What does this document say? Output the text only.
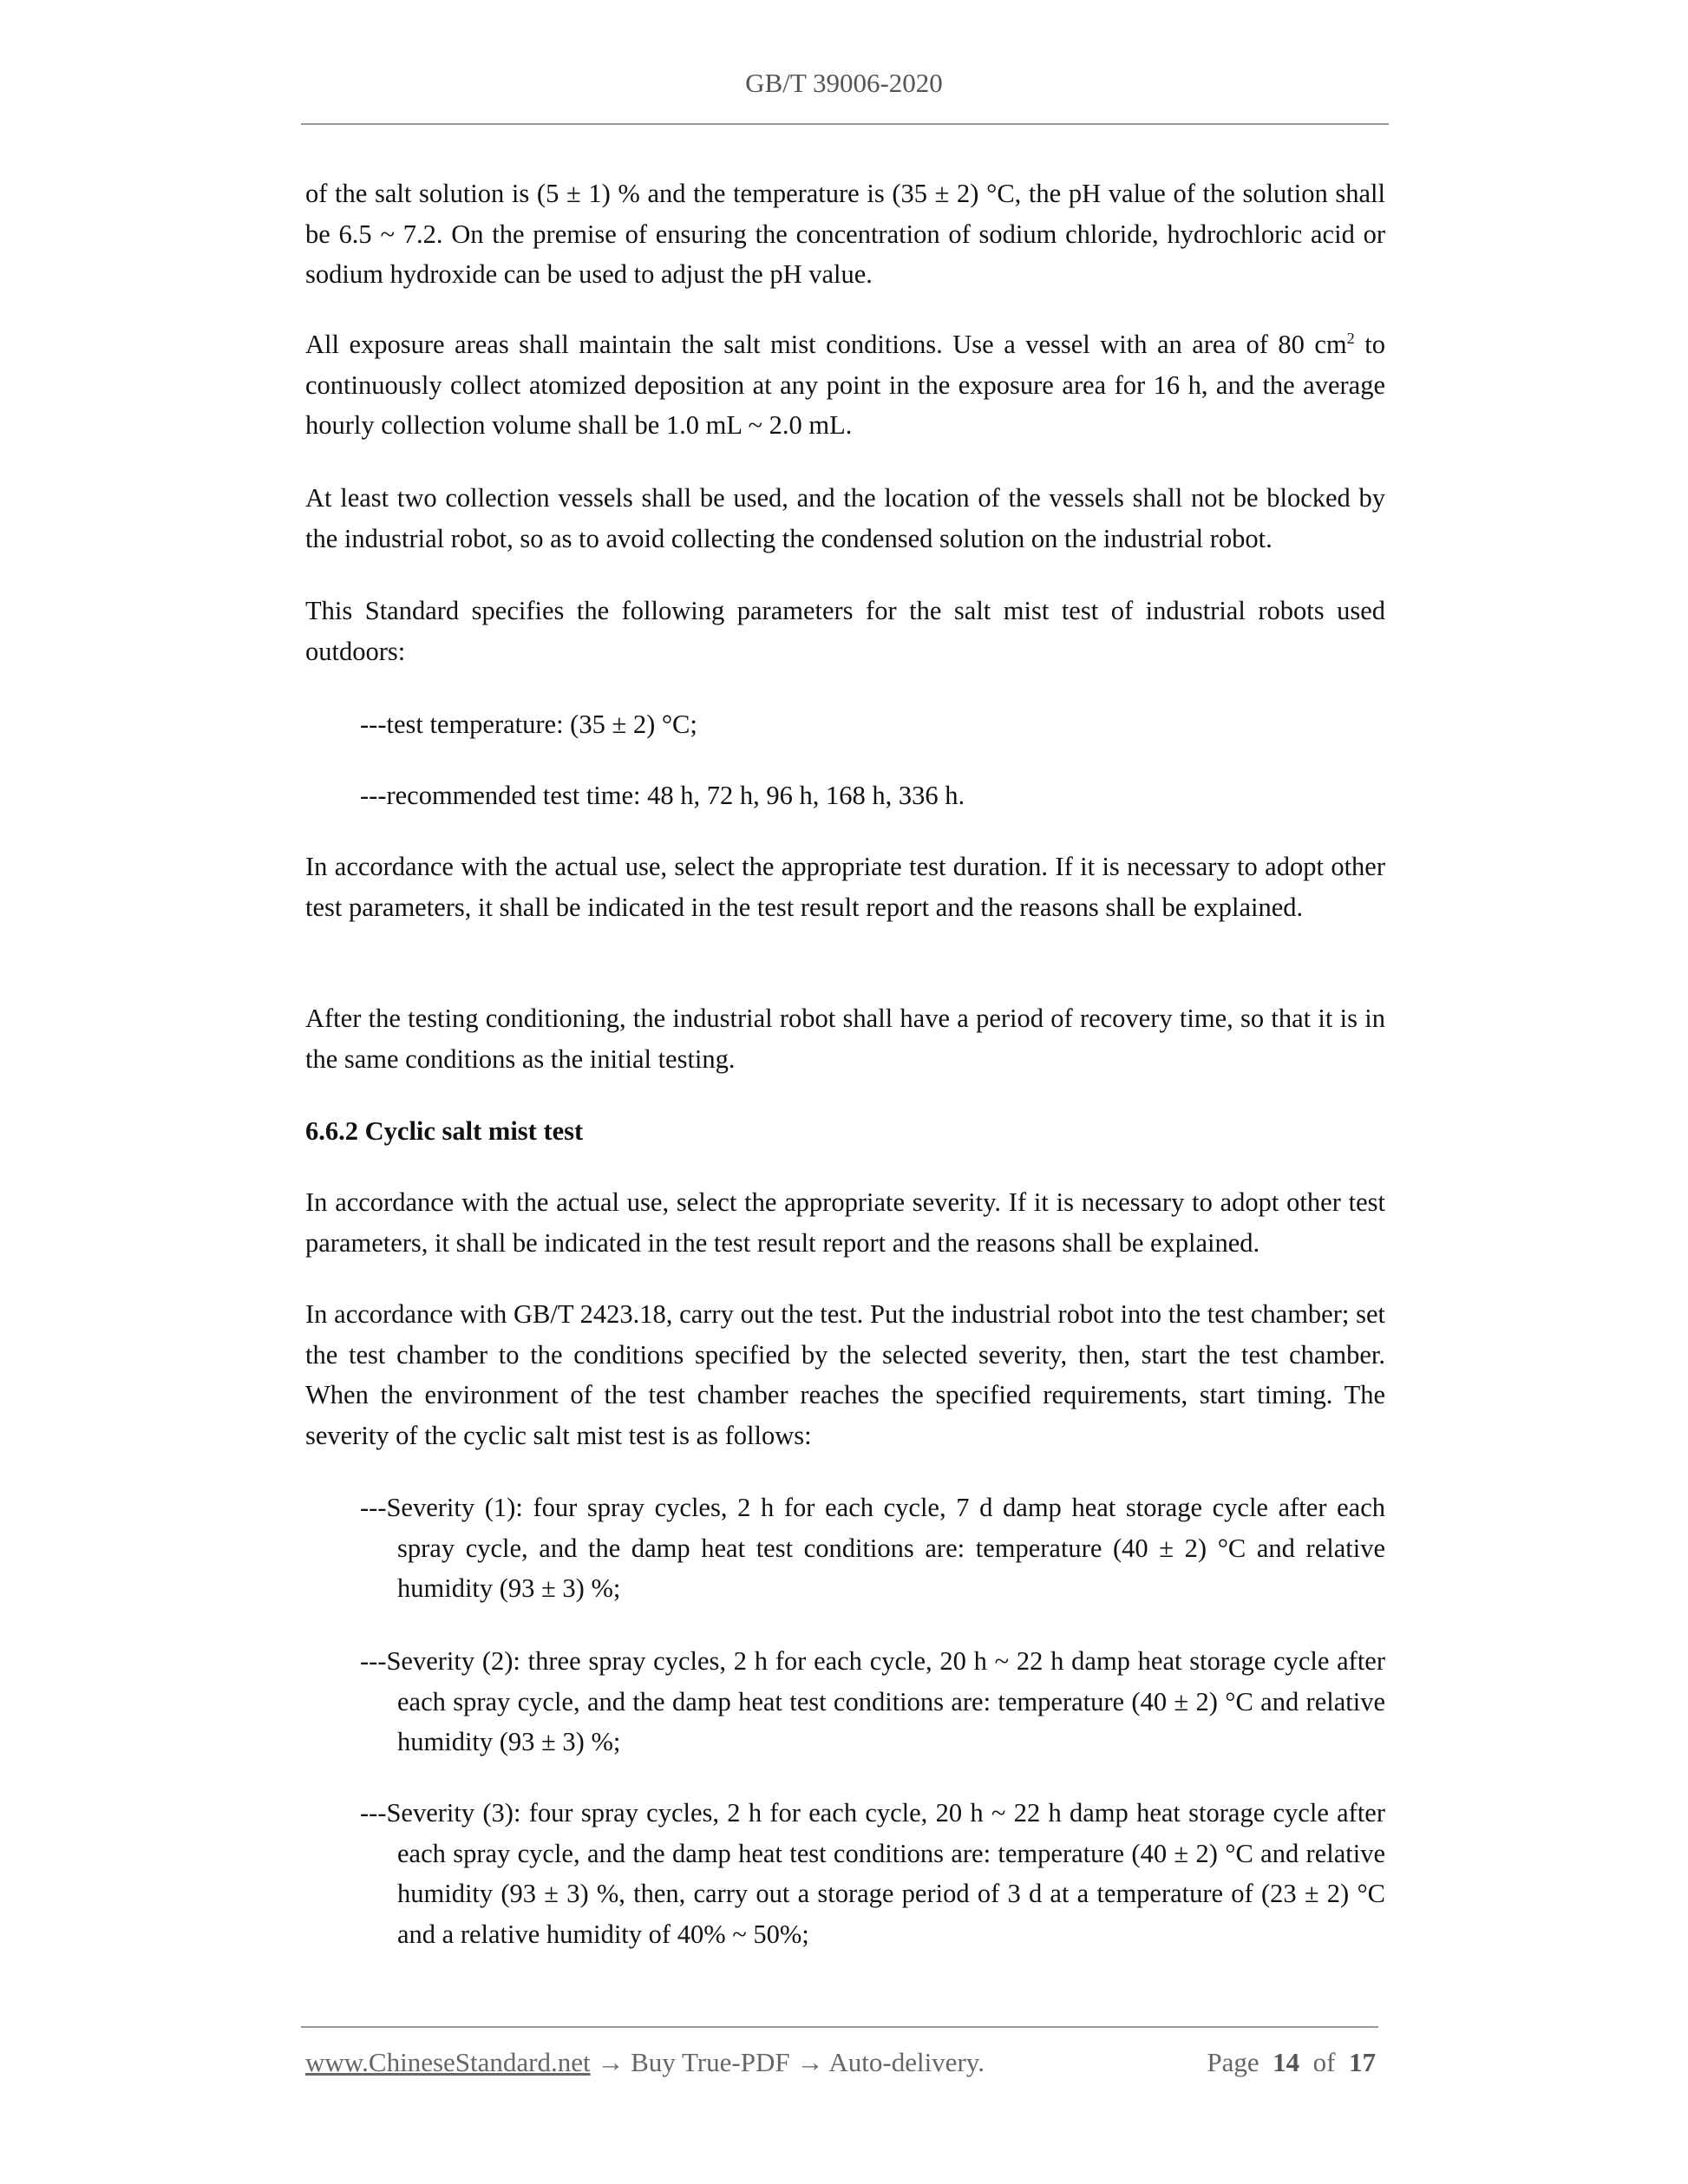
GB/T 39006-2020

of the salt solution is (5 ± 1) % and the temperature is (35 ± 2) °C, the pH value of the solution shall be 6.5 ~ 7.2. On the premise of ensuring the concentration of sodium chloride, hydrochloric acid or sodium hydroxide can be used to adjust the pH value.

All exposure areas shall maintain the salt mist conditions. Use a vessel with an area of 80 $cm^2$ to continuously collect atomized deposition at any point in the exposure area for 16 h, and the average hourly collection volume shall be 1.0 mL ~ 2.0 mL.

At least two collection vessels shall be used, and the location of the vessels shall not be blocked by the industrial robot, so as to avoid collecting the condensed solution on the industrial robot.

This Standard specifies the following parameters for the salt mist test of industrial robots used outdoors:

---test temperature: (35 ± 2) °C;

---recommended test time: 48 h, 72 h, 96 h, 168 h, 336 h.

In accordance with the actual use, select the appropriate test duration. If it is necessary to adopt other test parameters, it shall be indicated in the test result report and the reasons shall be explained.

After the testing conditioning, the industrial robot shall have a period of recovery time, so that it is in the same conditions as the initial testing.

6.6.2 Cyclic salt mist test

In accordance with the actual use, select the appropriate severity. If it is necessary to adopt other test parameters, it shall be indicated in the test result report and the reasons shall be explained.

In accordance with GB/T 2423.18, carry out the test. Put the industrial robot into the test chamber; set the test chamber to the conditions specified by the selected severity, then, start the test chamber. When the environment of the test chamber reaches the specified requirements, start timing. The severity of the cyclic salt mist test is as follows:

---Severity (1): four spray cycles, 2 h for each cycle, 7 d damp heat storage cycle after each spray cycle, and the damp heat test conditions are: temperature (40 ± 2) °C and relative humidity (93 ± 3) %;

---Severity (2): three spray cycles, 2 h for each cycle, 20 h ~ 22 h damp heat storage cycle after each spray cycle, and the damp heat test conditions are: temperature (40 ± 2) °C and relative humidity (93 ± 3) %;

---Severity (3): four spray cycles, 2 h for each cycle, 20 h ~ 22 h damp heat storage cycle after each spray cycle, and the damp heat test conditions are: temperature (40 ± 2) °C and relative humidity (93 ± 3) %, then, carry out a storage period of 3 d at a temperature of (23 ± 2) °C and a relative humidity of 40% ~ 50%;

www.ChineseStandard.net → Buy True-PDF → Auto-delivery.	Page 14 of 17
